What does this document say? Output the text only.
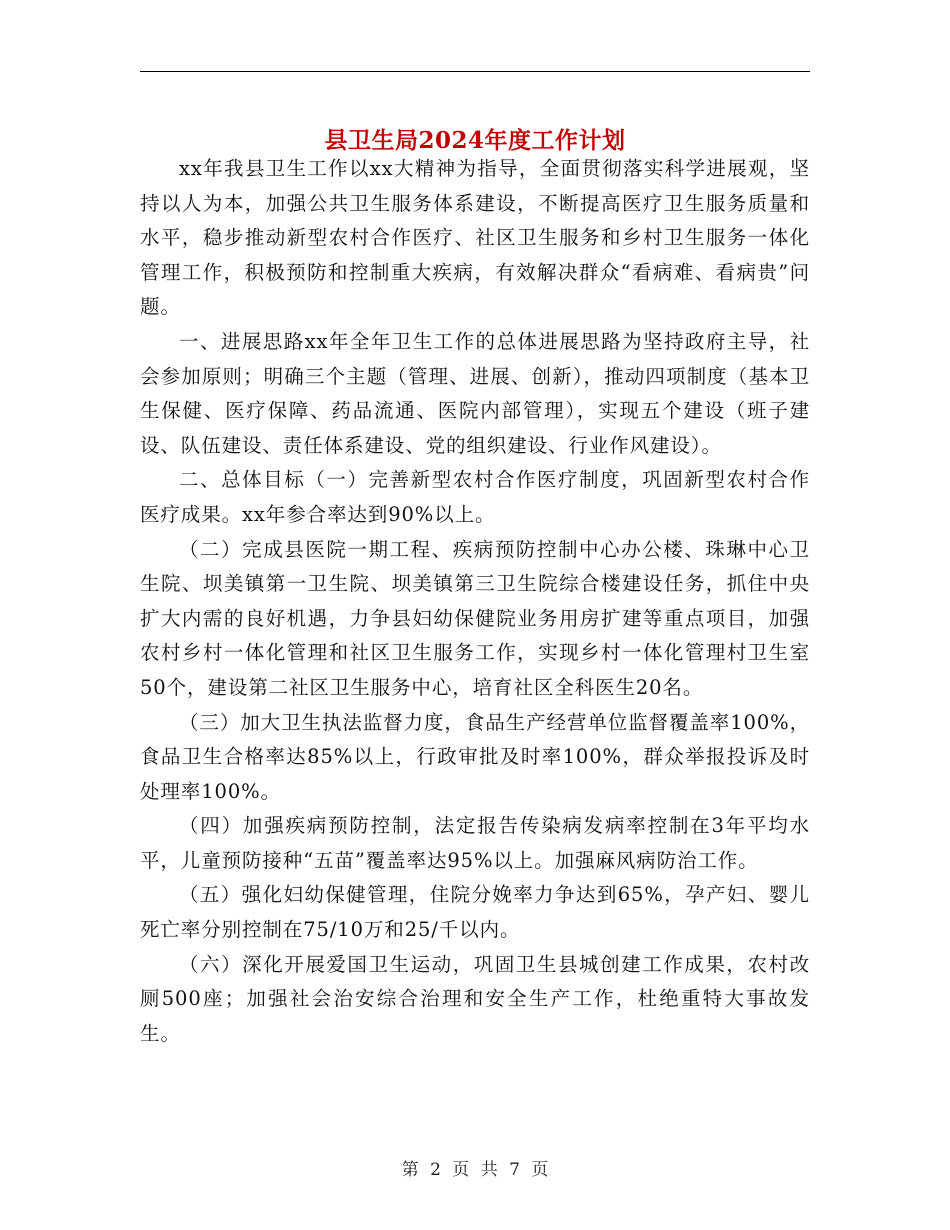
县卫生局2024年度工作计划

xx年我县卫生工作以xx大精神为指导，全面贯彻落实科学进展观，坚持以人为本，加强公共卫生服务体系建设，不断提高医疗卫生服务质量和水平，稳步推动新型农村合作医疗、社区卫生服务和乡村卫生服务一体化管理工作，积极预防和控制重大疾病，有效解决群众“看病难、看病贵”问题。

一、进展思路xx年全年卫生工作的总体进展思路为坚持政府主导，社会参加原则；明确三个主题（管理、进展、创新），推动四项制度（基本卫生保健、医疗保障、药品流通、医院内部管理），实现五个建设（班子建设、队伍建设、责任体系建设、党的组织建设、行业作风建设）。

二、总体目标（一）完善新型农村合作医疗制度，巩固新型农村合作医疗成果。xx年参合率达到90%以上。

（二）完成县医院一期工程、疾病预防控制中心办公楼、珠琳中心卫生院、坝美镇第一卫生院、坝美镇第三卫生院综合楼建设任务，抓住中央扩大内需的良好机遇，力争县妇幼保健院业务用房扩建等重点项目，加强农村乡村一体化管理和社区卫生服务工作，实现乡村一体化管理村卫生室50个，建设第二社区卫生服务中心，培育社区全科医生20名。

（三）加大卫生执法监督力度，食品生产经营单位监督覆盖率100%，食品卫生合格率达85%以上，行政审批及时率100%，群众举报投诉及时处理率100%。

（四）加强疾病预防控制，法定报告传染病发病率控制在3年平均水平，儿童预防接种“五苗”覆盖率达95%以上。加强麻风病防治工作。

（五）强化妇幼保健管理，住院分娩率力争达到65%，孕产妇、婴儿死亡率分别控制在75/10万和25/千以内。

（六）深化开展爱国卫生运动，巩固卫生县城创建工作成果，农村改厕500座；加强社会治安综合治理和安全生产工作，杜绝重特大事故发生。

第 2 页 共 7 页
